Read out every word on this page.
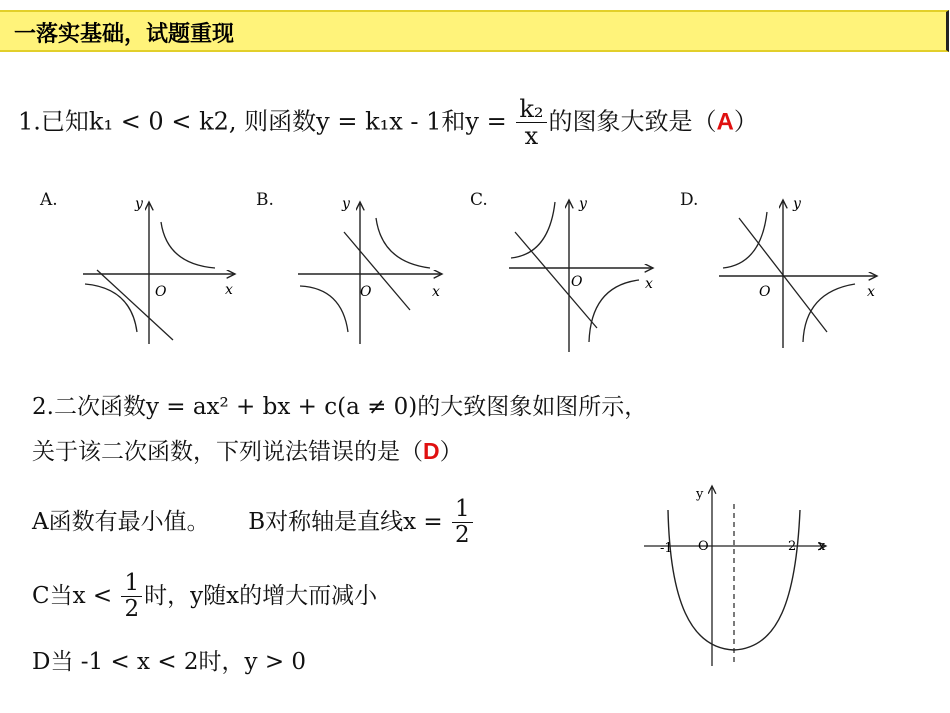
一落实基础，试题重现
1.已知k₁ < 0 < k2, 则函数y = k₁x - 1和$y = \frac{\text{k₂}}{x}$ 的图象大致是（A）
A.	B.	C.	D.
y
x
O
y
x
O
y
x
O
y
x
O
2.二次函数y = ax² + bx + c(a ≠ 0)的大致图象如图所示，
关于该二次函数，下列说法错误的是（D）
A函数有最小值。 B对称轴是直线$x = \frac{1}{2}$
C当$x < \frac{1}{2}$ 时，y随x的增大而减小
D当 -1 < x < 2时，y > 0
y
x
O
-1	2
